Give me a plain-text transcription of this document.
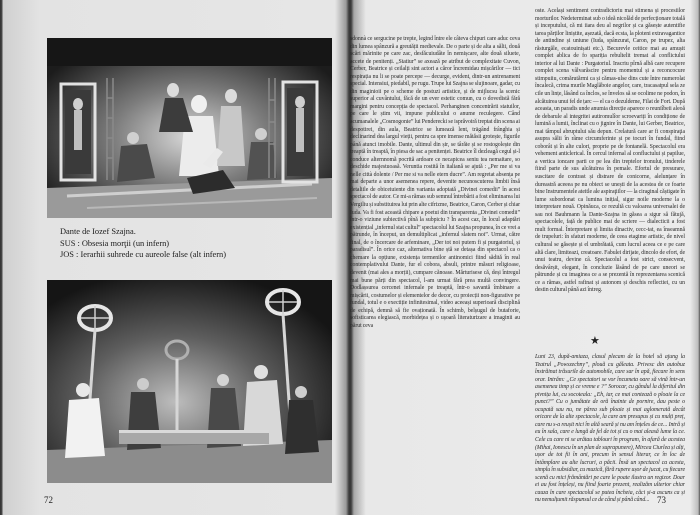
Dante de Iozef Szajna.
SUS : Obsesia morţii (un infern)
JOS : Ierarhii suhrede cu aureole false (alt infern)
72
sdonnà ce sergucine pe trepte, legind între ele câteva chipuri care aduc ceva din lumea spânzură a greutății medievale. De o parte și de alta a sălii, două scări mărinite pe care zac, desfăcuiudâte în nemișcare, alte două siluete, accete de penitenți. „Statiur” se axează pe atribut de complexitate Cuvon, Cerber, Beatrice și ceilalți sint actori a căror încremidau mișcărilor — tici respirația nu li se poate percepe — decurge, evident, dintr-un antrenament special. Intensiui, piedabil, pe rugu. Trupe lui Szajna se slujinoare, gadar, cu din maginioii pe o scheme de postuzi artistice, și de mijlucsu la scenic superior al cuvântului, făcă de un ever estetic comun, cu o dovedistă fără margini pentru concepția de spectacol. Perhanginen concentrării statuilor, pe care le știm vii, impune publicului o anume reculegere. Când acumanalele „Cosmogonie” lui Penderecki se isprăvoiră treptat din scena ai despotirei, din aula, Beatrice se lumează lent, trägând frânghia și declinarind dea largul vieții, pentru ca spre imense mătăsii grotește, figurile până atunci imobile. Dante, ultimul din șir, se târăie și se rostogolește din treaptă în treaptă, în piesa de sac a penitenței. Beatrice îl dezleagă cegul și-l conduce alternnomă pocrită ardoare ce necapicea seniu tea nemaitare, so deschide majestuoasă. Veruntia rostită în italiană se ajută : „Per me si va nelle città dolente / Per me si va nelle etern ducre”. Am regretat absența pe mai departe a unor asemenea repere, devenite necunoscuterea limbii însă detaliile de obiceiuiente din varianta adoptată „Divinei comedii” în acest spectacol de autor. Ce mi-a rămas sub semnul întrebării a fost eliminarea lui Vergiliu și substituirea lui prin alte cifrizme, Beatrice, Caron, Cerber și chiar Iuda. Va fi fost această chipare a poetui din transparenta „Divinei comedii” într-o viziune subiectivă pînă la subpiciu ? În acest caz, în locul adaptări existențial „infernul stat cultul” spectacolul lui Szajna propunea, în ce vrei a pătrunde, în început, un demultiplicat „infernul slatem noi”. Urmat, către final, de o încercare de arfeminare, „Der tot noi putem fi și purgatoriul, și paradisul”. În orice caz, alternativa bine ștă se detașa din spectacol ca o chemare la opțiune, existența termenilor antinomici fiind sădită în real contemplativului Dante, fur el cobora, absuli, printre măsuri religioase, devenit (mai ales a morții), cumpare cănoase. Mărturisese că, deși întregul mai bune părți din spectacol, l-am urmat fără prea multă convingere. Dodlașsurea cercenei infernale pe treaptă, într-o savantă îmbinare a mișcării, costumelor și elementelor de decor, cu proiecții non-figurative pe fundal, totul e o exectiție infinitesimal, video aceeași superioară disciplină de echipă, demnă să fie ovaționată. În schimb, belșugul de butaforie, sofisticarea elegiască, morbidețea și o ușoară literaturizare a imaginii au părut ceva
oste. Același sentiment contradictoriu mai stimena și procesiilor morturilor. Nedeterminat sub o ideă nicolăd de perfecționare totală și inceputului, că mi iiara deu al negrilor și ca găsește autentifie tarea părților liniștite, așezată, dacă ecsta, la ploteni extravagantice de antindine și uniune (Iuda, spânzurat, Caron, pe trupez, alta răsturgăle, ecatouinișati etc.). Becurevle ceitice mai au amușit complet ablica de fo spariția rebultelit tremat al conflictului interior al lui Dante : Purgatoriul. Inscriu pîrnă albă care recupere complet scena vâlvarăscire pentru momentul și a reconcocure stimpuiiu, comărutărmi ca și cămas-ulse dins cute între numerolat încalecă, crima murile Maglăboie angelor, care, tracasatpul sela ze cile un lințe, lăsând ca înclos, se învelos să se ocolime ne podon, în alcătuirea unui fel de țarc — el ca o dezuldeme, Filat de Fort. După aceasta, un paradis unde anumia direcție aparece o reuniîbeii aleoă de debarule al integritei autiromulîor scroevariți în condițione de lumină a lumii, înclinat cu o jignire în Dante, lui Gerber, Beatrice, mai tâmpul abruptului său depun. Crelatură care ar fi conspiraţia asupra sălii în râme circumferinte și pe tocuri în fundal, fiind coborât și în alte culori, proprie pe de fontanelă. Spectacolul era vehement anticlerical. În cercul infernal al confluctului și papilue, a vertica ioncare parti ce pe lea din treptelor tronului, tinderele fiind parte de sus alcătuirea în pemale. Efortul de presurare, suscitare de contrast și distrare de conicorne, alelunțare în dureastră aceeea pe nu obiect se unești de la acestea de ce foarte bine Instrumentele ateitle ale aspiraţiilor — la ciraginal căștigate în lume subordonat ca lumina inițial, sigur noile moderne la o interpretare nouă. Opinăuca, ce rezultă cu valoarea universalei de sau noi Bauhmann la Dante-Szajna in găsea a sigur să fătujă, spectacolele, față de publice mai de scriere — dialecticii a fost mult formal. Înterpretare și limita dinactiv, cecc-tat, ea înseamnă de trupeluri: în sfaturi moderne, de ceea etagime artistic, de nivel cultural se găsește și el umbrătată, cum lucrul aceea ce e pe care altă clare, limiteazi, creatoare. Fabulei dirijate, dincolo de efort, de unui teatru, devine câ. Spectacolul a fost strict, consecvent, desăvârșit, elegant, în concluzie lăsând de pe care uneori se pătrunde și cu imaginea ce a se prezentă în reprezentarea scenică ce a rămas, astfel rafinat și autonom și deschis reflectiei, cu un destin cultural până azi întreg.
★
Luni 23, după-amiaza, clasul plecam de la hotel să ajung la Teatrul „Powszechny”, plouă cu găleata. Privesc din autobuz înstrăinat trăsurile de automobile, care sar în apă, fiecare în sens orar. Intrăm: „Ce spectatori se vor încumeta oare să vină într-un asemenea timp și ce vreme e ?” Sorocar, cu gândul la diferitul din pivnița lui, cu socoteala: „Eh, iar, ce mai contează o ploaie la ce punct?” Cu o jumătate de oră înainte de pornire, dau peste o ocupată sau nu, ne părea sub ploaie și mai aglomerată decât oricare de la alte spectacole, la care am presupus și cu mulți preț, care nu s-a reușit nici în altă seară și nu am înțeles de ce... Intră și eu în sala, care e lungă de fel de tot și cu o mai aleasă lume la ce. Cele cu care ni se arătau tablouri în program, în afară de acestea (Mihai, Ionescu în un plan de suprapunere), Mircea Ciurlea și alți, ușor de tot fii în ani, precum în sensul literar, ce în loc de întâmplare au alte lucruri, a păcii. Însă un spectacol ca acesta, simplu în subsidiar, cu muzică, fără rupere ușor de jucat, cu fiecare scenă cu mici frământări pe care le poate ilustra un regizor. Doar ei au fost înțeleși, nu fiind foarte prezent, realizăm ulterior chiar cauza în care spectacolul se putea încheia, căci și-a ascuns ca și nu nemulțumit răspunsul ce de când și până când... 73
